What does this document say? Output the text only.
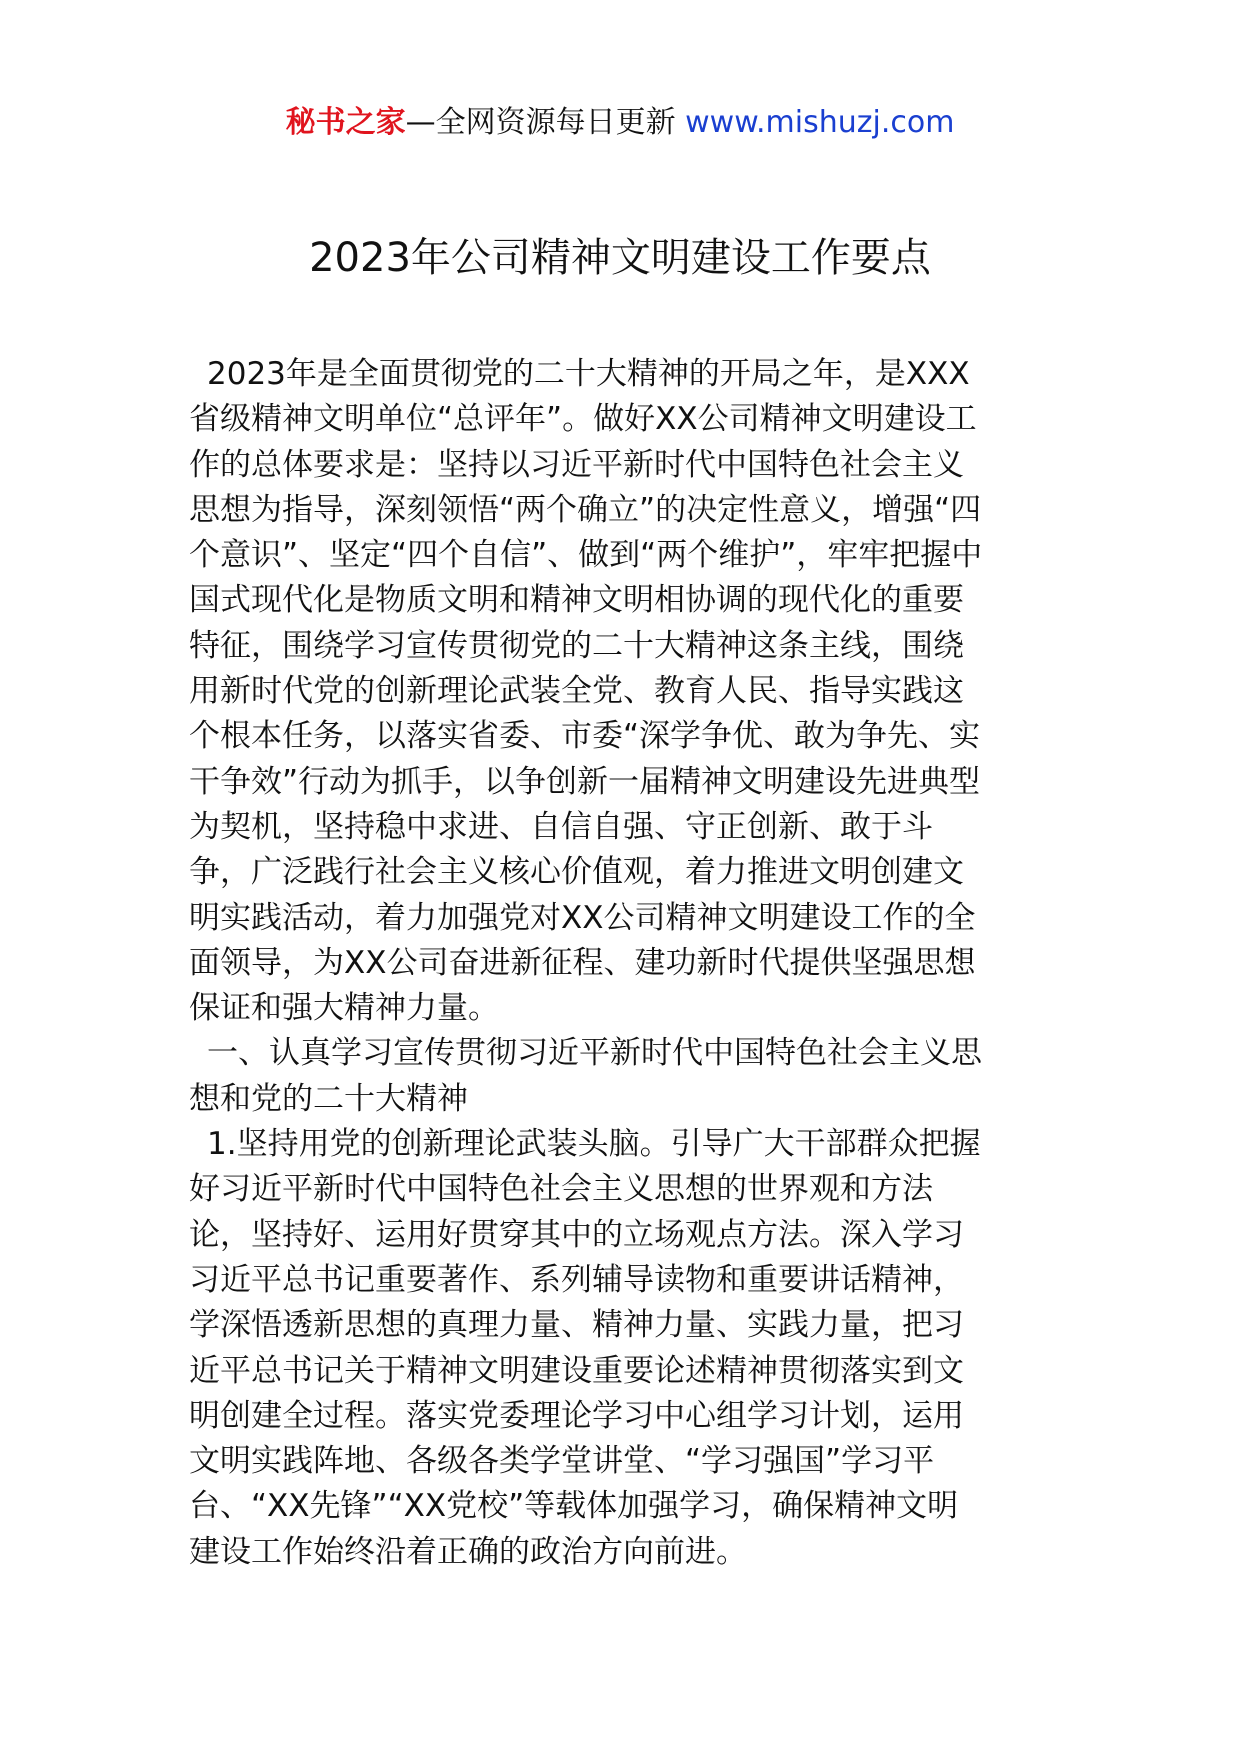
秘书之家—全网资源每日更新 www.mishuzj.com
2023年公司精神文明建设工作要点
2023年是全面贯彻党的二十大精神的开局之年，是XXX
省级精神文明单位“总评年”。做好XX公司精神文明建设工
作的总体要求是：坚持以习近平新时代中国特色社会主义
思想为指导，深刻领悟“两个确立”的决定性意义，增强“四
个意识”、坚定“四个自信”、做到“两个维护”，牢牢把握中
国式现代化是物质文明和精神文明相协调的现代化的重要
特征，围绕学习宣传贯彻党的二十大精神这条主线，围绕
用新时代党的创新理论武装全党、教育人民、指导实践这
个根本任务，以落实省委、市委“深学争优、敢为争先、实
干争效”行动为抓手，以争创新一届精神文明建设先进典型
为契机，坚持稳中求进、自信自强、守正创新、敢于斗
争，广泛践行社会主义核心价值观，着力推进文明创建文
明实践活动，着力加强党对XX公司精神文明建设工作的全
面领导，为XX公司奋进新征程、建功新时代提供坚强思想
保证和强大精神力量。
一、认真学习宣传贯彻习近平新时代中国特色社会主义思
想和党的二十大精神
1.坚持用党的创新理论武装头脑。引导广大干部群众把握
好习近平新时代中国特色社会主义思想的世界观和方法
论，坚持好、运用好贯穿其中的立场观点方法。深入学习
习近平总书记重要著作、系列辅导读物和重要讲话精神，
学深悟透新思想的真理力量、精神力量、实践力量，把习
近平总书记关于精神文明建设重要论述精神贯彻落实到文
明创建全过程。落实党委理论学习中心组学习计划，运用
文明实践阵地、各级各类学堂讲堂、“学习强国”学习平
台、“XX先锋”“XX党校”等载体加强学习，确保精神文明
建设工作始终沿着正确的政治方向前进。
